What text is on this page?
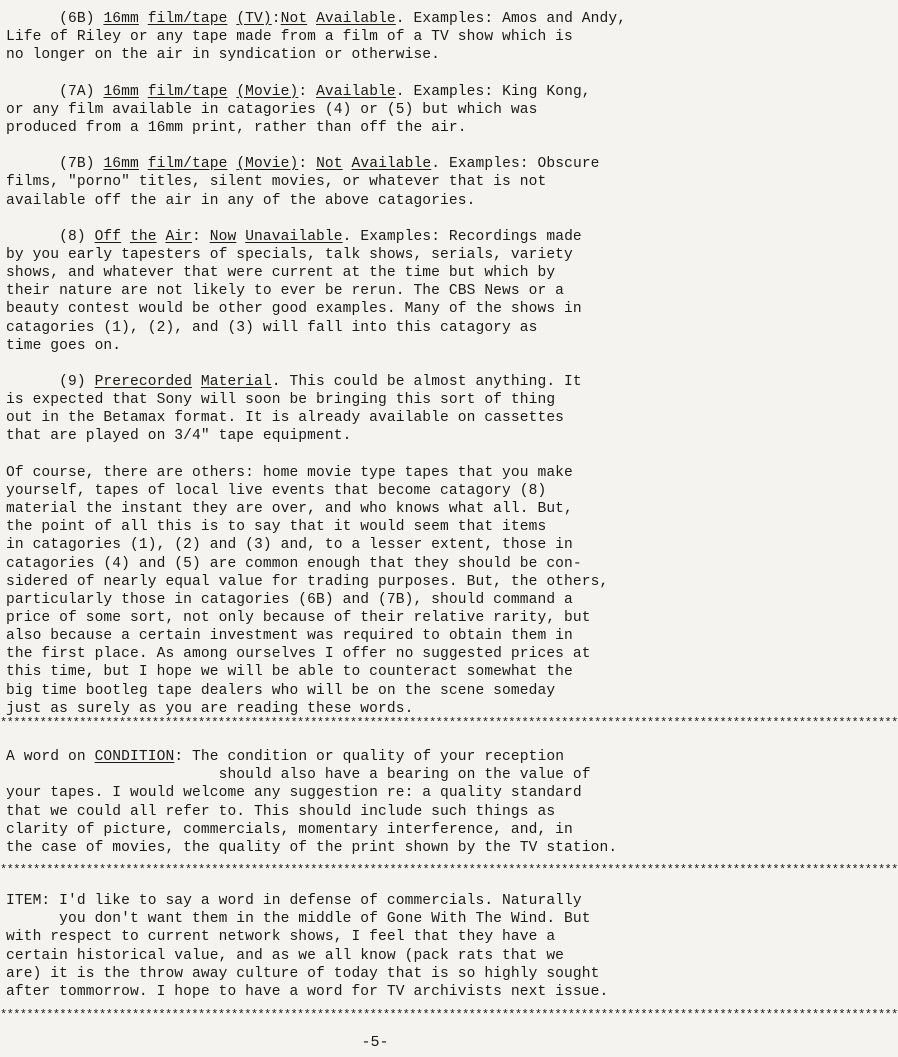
(6B) 16mm film/tape (TV):Not Available. Examples: Amos and Andy,
Life of Riley or any tape made from a film of a TV show which is
no longer on the air in syndication or otherwise.
(7A) 16mm film/tape (Movie): Available. Examples: King Kong,
or any film available in catagories (4) or (5) but which was
produced from a 16mm print, rather than off the air.
(7B) 16mm film/tape (Movie): Not Available. Examples: Obscure
films, "porno" titles, silent movies, or whatever that is not
available off the air in any of the above catagories.
(8) Off the Air: Now Unavailable. Examples: Recordings made
by you early tapesters of specials, talk shows, serials, variety
shows, and whatever that were current at the time but which by
their nature are not likely to ever be rerun. The CBS News or a
beauty contest would be other good examples. Many of the shows in
catagories (1), (2), and (3) will fall into this catagory as
time goes on.
(9) Prerecorded Material. This could be almost anything. It
is expected that Sony will soon be bringing this sort of thing
out in the Betamax format. It is already available on cassettes
that are played on 3/4" tape equipment.
Of course, there are others: home movie type tapes that you make
yourself, tapes of local live events that become catagory (8)
material the instant they are over, and who knows what all. But,
the point of all this is to say that it would seem that items
in catagories (1), (2) and (3) and, to a lesser extent, those in
catagories (4) and (5) are common enough that they should be con-
sidered of nearly equal value for trading purposes. But, the others,
particularly those in catagories (6B) and (7B), should command a
price of some sort, not only because of their relative rarity, but
also because a certain investment was required to obtain them in
the first place. As among ourselves I offer no suggested prices at
this time, but I hope we will be able to counteract somewhat the
big time bootleg tape dealers who will be on the scene someday
just as surely as you are reading these words.
****************************************************************************************************************************************
A word on CONDITION: The condition or quality of your reception
should also have a bearing on the value of
your tapes. I would welcome any suggestion re: a quality standard
that we could all refer to. This should include such things as
clarity of picture, commercials, momentary interference, and, in
the case of movies, the quality of the print shown by the TV station.
****************************************************************************************************************************************
ITEM: I'd like to say a word in defense of commercials. Naturally
you don't want them in the middle of Gone With The Wind. But
with respect to current network shows, I feel that they have a
certain historical value, and as we all know (pack rats that we
are) it is the throw away culture of today that is so highly sought
after tommorrow. I hope to have a word for TV archivists next issue.
****************************************************************************************************************************************
-5-
